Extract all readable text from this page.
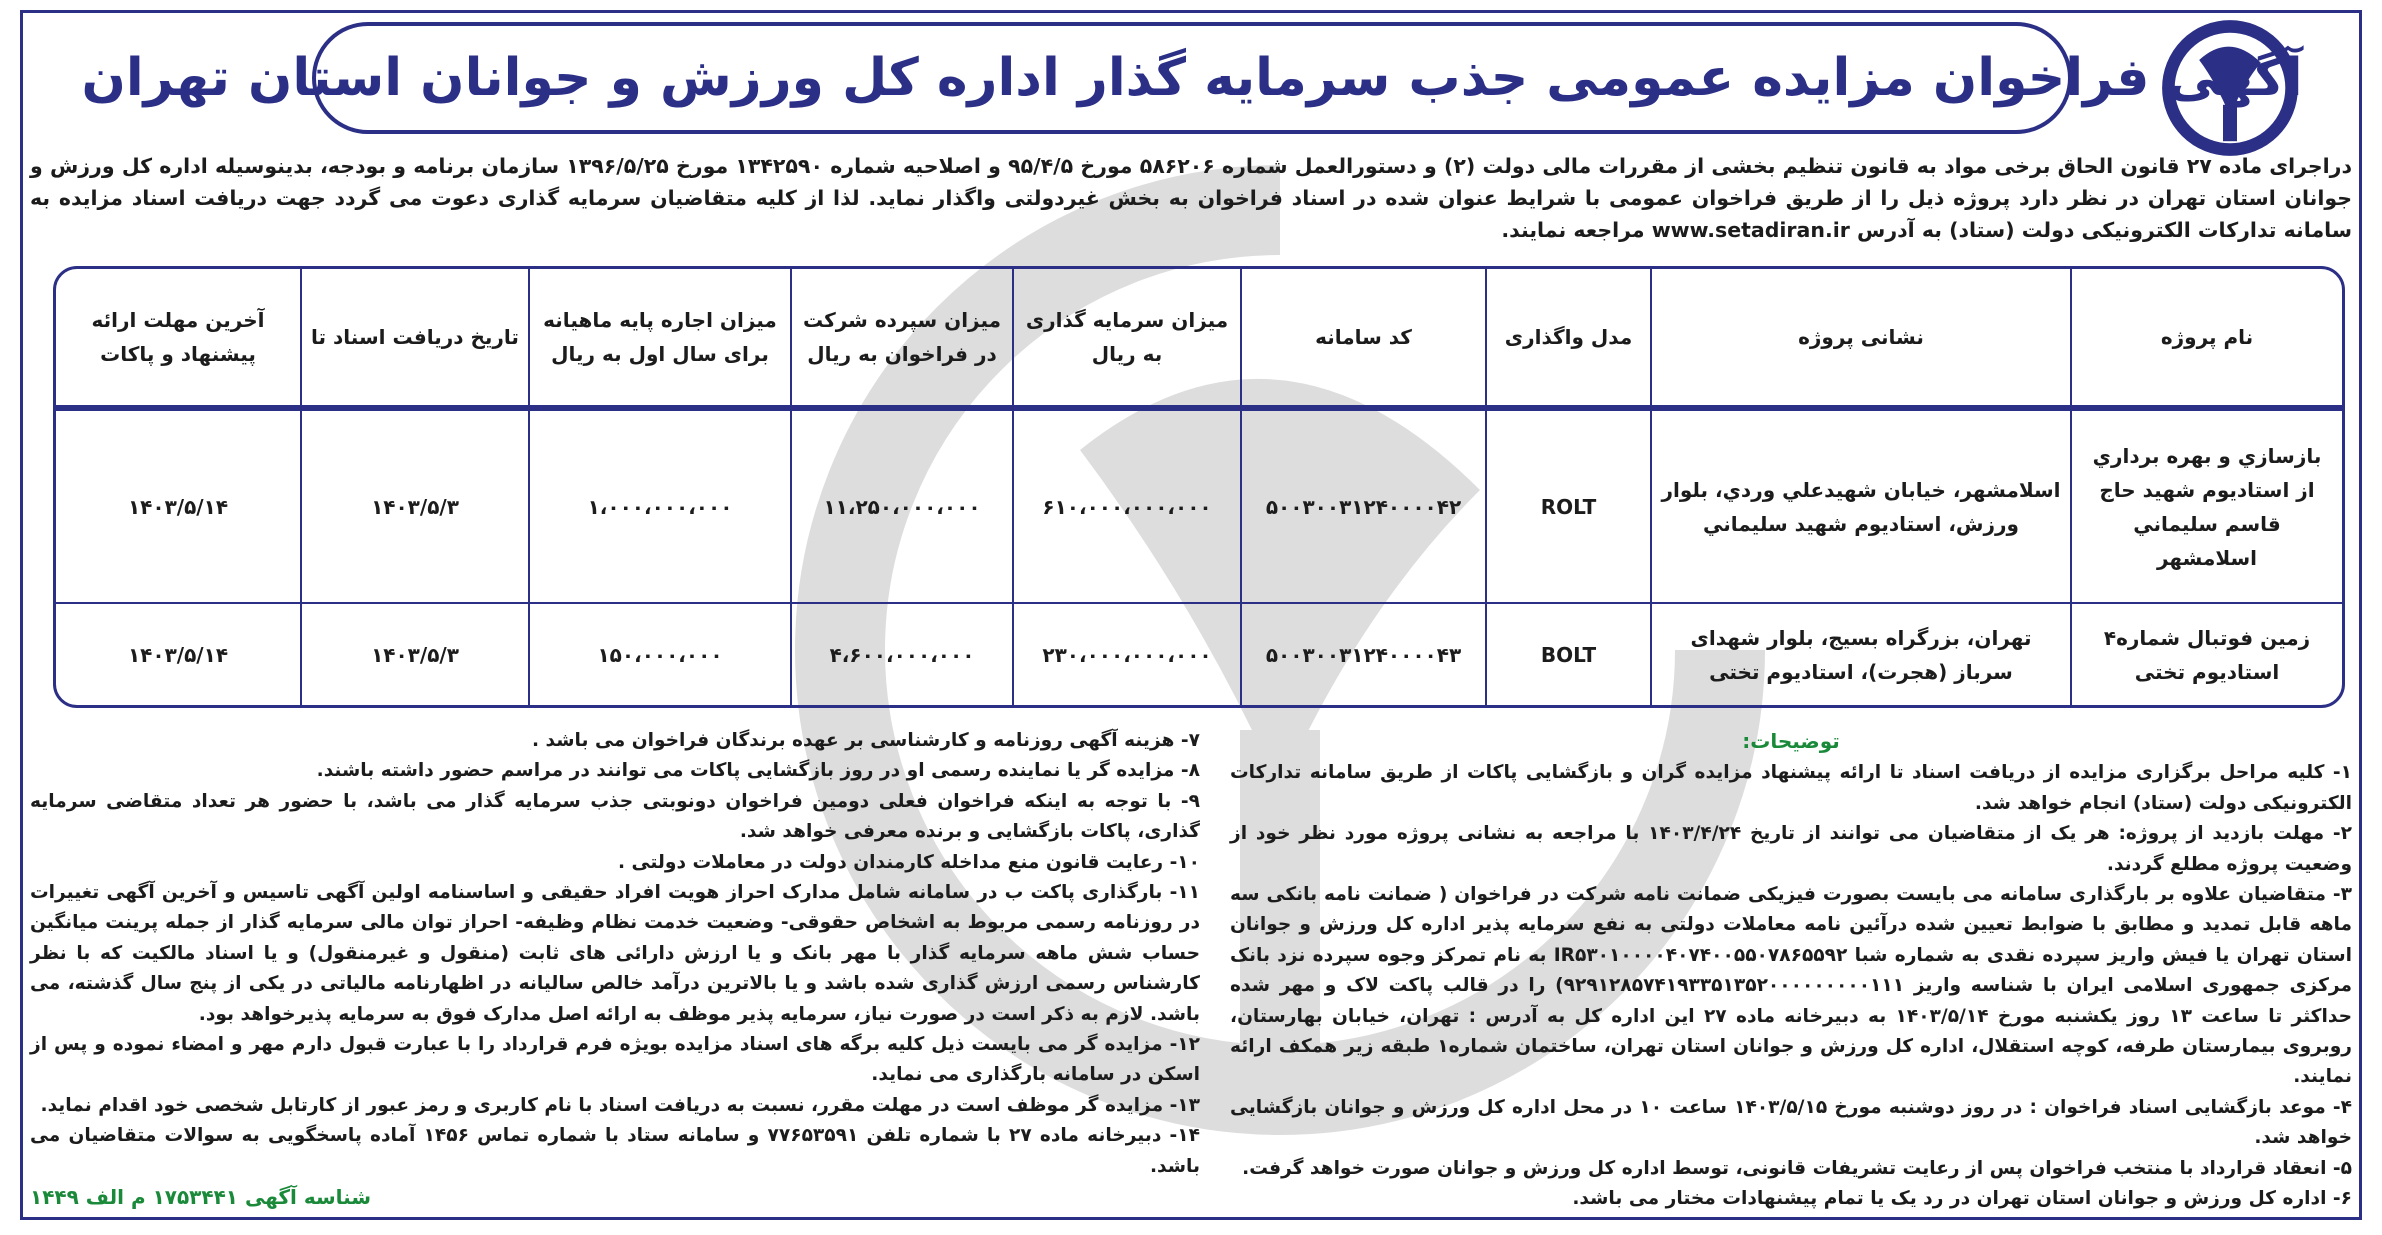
آگهی فراخوان مزایده عمومی جذب سرمایه گذار اداره کل ورزش و جوانان استان تهران
دراجرای ماده ۲۷ قانون الحاق برخی مواد به قانون تنظیم بخشی از مقررات مالی دولت (۲) و دستورالعمل شماره ۵۸۶۲۰۶ مورخ ۹۵/۴/۵ و اصلاحیه شماره ۱۳۴۲۵۹۰ مورخ ۱۳۹۶/۵/۲۵ سازمان برنامه و بودجه، بدینوسیله اداره کل ورزش و جوانان استان تهران در نظر دارد پروژه ذیل را از طریق فراخوان عمومی با شرایط عنوان شده در اسناد فراخوان به بخش غیردولتی واگذار نماید. لذا از کلیه متقاضیان سرمایه گذاری دعوت می گردد جهت دریافت اسناد مزایده به سامانه تدارکات الکترونیکی دولت (ستاد) به آدرس www.setadiran.ir مراجعه نمایند.
نام پروژه	نشانی پروژه	مدل واگذاری	کد سامانه	میزان سرمایه گذاری به ریال	میزان سپرده شرکت در فراخوان به ریال	میزان اجاره پایه ماهیانه برای سال اول به ریال	تاریخ دریافت اسناد تا	آخرین مهلت ارائه پیشنهاد و پاکات
بازسازي و بهره برداري از استاديوم شهيد حاج قاسم سليماني اسلامشهر	اسلامشهر، خيابان شهيدعلي وردي، بلوار ورزش، استاديوم شهيد سليماني	ROLT	۵۰۰۳۰۰۳۱۲۴۰۰۰۰۴۲	۶۱۰،۰۰۰،۰۰۰،۰۰۰	۱۱،۲۵۰،۰۰۰،۰۰۰	۱،۰۰۰،۰۰۰،۰۰۰	۱۴۰۳/۵/۳	۱۴۰۳/۵/۱۴
زمین فوتبال شماره۴ استادیوم تختی	تهران، بزرگراه بسيج، بلوار شهدای سرباز (هجرت)، استادیوم تختی	BOLT	۵۰۰۳۰۰۳۱۲۴۰۰۰۰۴۳	۲۳۰،۰۰۰،۰۰۰،۰۰۰	۴،۶۰۰،۰۰۰،۰۰۰	۱۵۰،۰۰۰،۰۰۰	۱۴۰۳/۵/۳	۱۴۰۳/۵/۱۴
توضیحات:

۱- کلیه مراحل برگزاری مزایده از دریافت اسناد تا ارائه پیشنهاد مزایده گران و بازگشایی پاکات از طریق سامانه تدارکات الکترونیکی دولت (ستاد) انجام خواهد شد.

۲- مهلت بازدید از پروژه: هر یک از متقاضیان می توانند از تاریخ ۱۴۰۳/۴/۲۴ با مراجعه به نشانی پروژه مورد نظر خود از وضعیت پروژه مطلع گردند.

۳- متقاضیان علاوه بر بارگذاری سامانه می بایست بصورت فیزیکی ضمانت نامه شرکت در فراخوان ( ضمانت نامه بانکی سه ماهه قابل تمدید و مطابق با ضوابط تعیین شده درآئین نامه معاملات دولتی به نفع سرمایه پذیر اداره کل ورزش و جوانان استان تهران یا فیش واریز سپرده نقدی به شماره شبا IR۵۳۰۱۰۰۰۰۴۰۷۴۰۰۵۵۰۷۸۶۵۵۹۲ به نام تمرکز وجوه سپرده نزد بانک مرکزی جمهوری اسلامی ایران با شناسه واریز ۹۲۹۱۲۸۵۷۴۱۹۳۳۵۱۳۵۲۰۰۰۰۰۰۰۰۰۱۱۱) را در قالب پاکت لاک و مهر شده حداکثر تا ساعت ۱۳ روز یکشنبه مورخ ۱۴۰۳/۵/۱۴ به دبیرخانه ماده ۲۷ این اداره کل به آدرس : تهران، خیابان بهارستان، روبروی بیمارستان طرفه، کوچه استقلال، اداره کل ورزش و جوانان استان تهران، ساختمان شماره۱ طبقه زیر همکف ارائه نمایند.

۴- موعد بازگشایی اسناد فراخوان : در روز دوشنبه مورخ ۱۴۰۳/۵/۱۵ ساعت ۱۰ در محل اداره کل ورزش و جوانان بازگشایی خواهد شد.

۵- انعقاد قرارداد با منتخب فراخوان پس از رعایت تشریفات قانونی، توسط اداره کل ورزش و جوانان صورت خواهد گرفت.

۶- اداره کل ورزش و جوانان استان تهران در رد یک یا تمام پیشنهادات مختار می باشد.

۷- هزینه آگهی روزنامه و کارشناسی بر عهده برندگان فراخوان می باشد .

۸- مزایده گر یا نماینده رسمی او در روز بازگشایی پاکات می توانند در مراسم حضور داشته باشند.

۹- با توجه به اینکه فراخوان فعلی دومین فراخوان دونوبتی جذب سرمایه گذار می باشد، با حضور هر تعداد متقاضی سرمایه گذاری، پاکات بازگشایی و برنده معرفی خواهد شد.

۱۰- رعایت قانون منع مداخله کارمندان دولت در معاملات دولتی .

۱۱- بارگذاری پاکت ب در سامانه شامل مدارک احراز هویت افراد حقیقی و اساسنامه اولین آگهی تاسیس و آخرین آگهی تغییرات در روزنامه رسمی مربوط به اشخاص حقوقی- وضعیت خدمت نظام وظیفه- احراز توان مالی سرمایه گذار از جمله پرینت میانگین حساب شش ماهه سرمایه گذار با مهر بانک و یا ارزش دارائی های ثابت (منقول و غیرمنقول) و یا اسناد مالکیت که با نظر کارشناس رسمی ارزش گذاری شده باشد و یا بالاترین درآمد خالص سالیانه در اظهارنامه مالیاتی در یکی از پنج سال گذشته، می باشد. لازم به ذکر است در صورت نیاز، سرمایه پذیر موظف به ارائه اصل مدارک فوق به سرمایه پذیرخواهد بود.

۱۲- مزایده گر می بایست ذیل کلیه برگه های اسناد مزایده بویژه فرم قرارداد را با عبارت قبول دارم مهر و امضاء نموده و پس از اسکن در سامانه بارگذاری می نماید.

۱۳- مزایده گر موظف است در مهلت مقرر، نسبت به دریافت اسناد با نام کاربری و رمز عبور از کارتابل شخصی خود اقدام نماید.

۱۴- دبیرخانه ماده ۲۷ با شماره تلفن ۷۷۶۵۳۵۹۱ و سامانه ستاد با شماره تماس ۱۴۵۶ آماده پاسخگویی به سوالات متقاضیان می باشد.

شناسه آگهی ۱۷۵۳۴۴۱ م الف ۱۴۴۹
